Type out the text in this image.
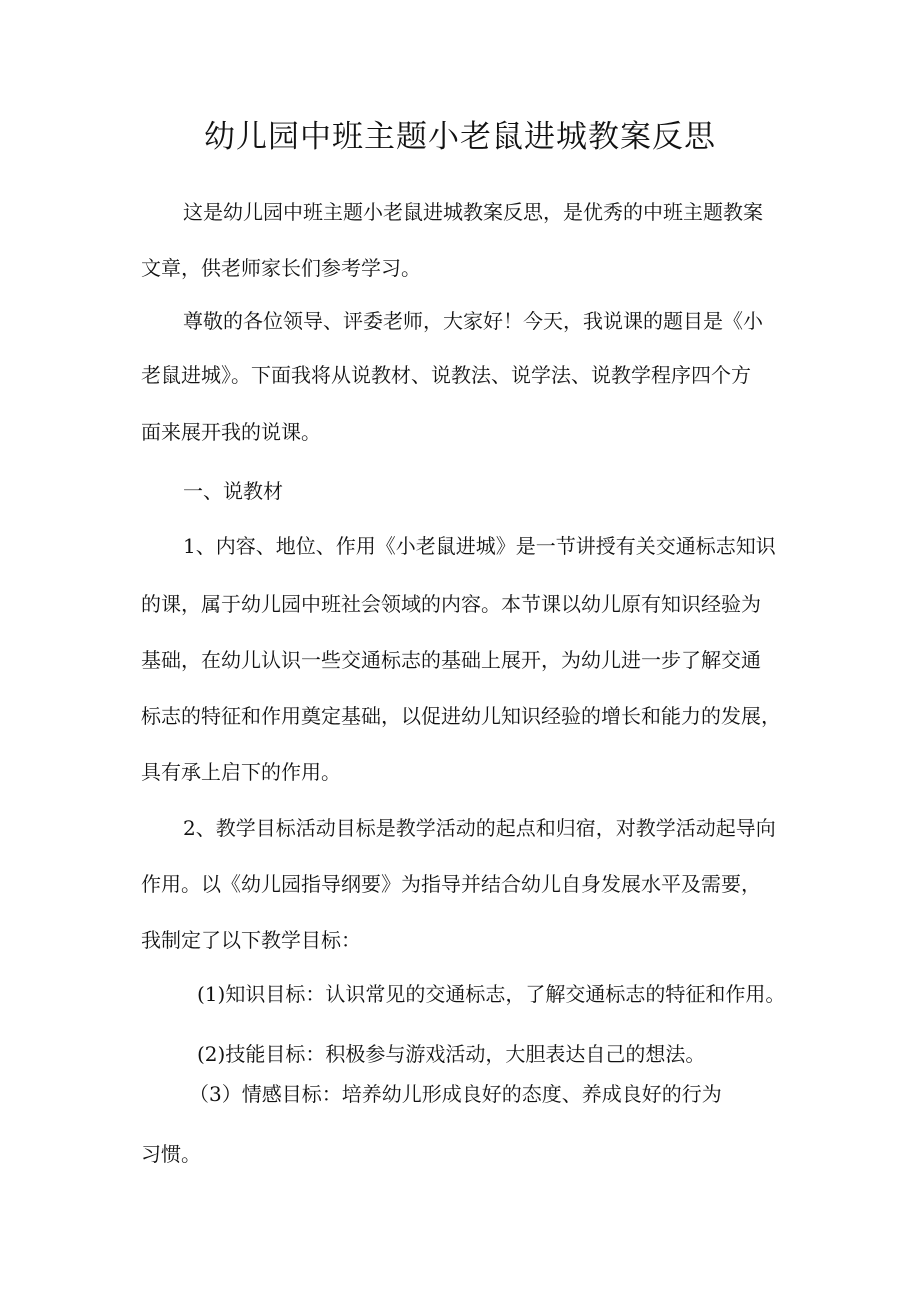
幼儿园中班主题小老鼠进城教案反思

这是幼儿园中班主题小老鼠进城教案反思，是优秀的中班主题教案

文章，供老师家长们参考学习。

尊敬的各位领导、评委老师，大家好！今天，我说课的题目是《小

老鼠进城》。下面我将从说教材、说教法、说学法、说教学程序四个方

面来展开我的说课。

一、说教材

1、内容、地位、作用《小老鼠进城》是一节讲授有关交通标志知识

的课，属于幼儿园中班社会领域的内容。本节课以幼儿原有知识经验为

基础，在幼儿认识一些交通标志的基础上展开，为幼儿进一步了解交通

标志的特征和作用奠定基础，以促进幼儿知识经验的增长和能力的发展，

具有承上启下的作用。

2、教学目标活动目标是教学活动的起点和归宿，对教学活动起导向

作用。以《幼儿园指导纲要》为指导并结合幼儿自身发展水平及需要，

我制定了以下教学目标：

(1)知识目标：认识常见的交通标志，了解交通标志的特征和作用。

(2)技能目标：积极参与游戏活动，大胆表达自己的想法。

（3）情感目标：培养幼儿形成良好的态度、养成良好的行为

习惯。
